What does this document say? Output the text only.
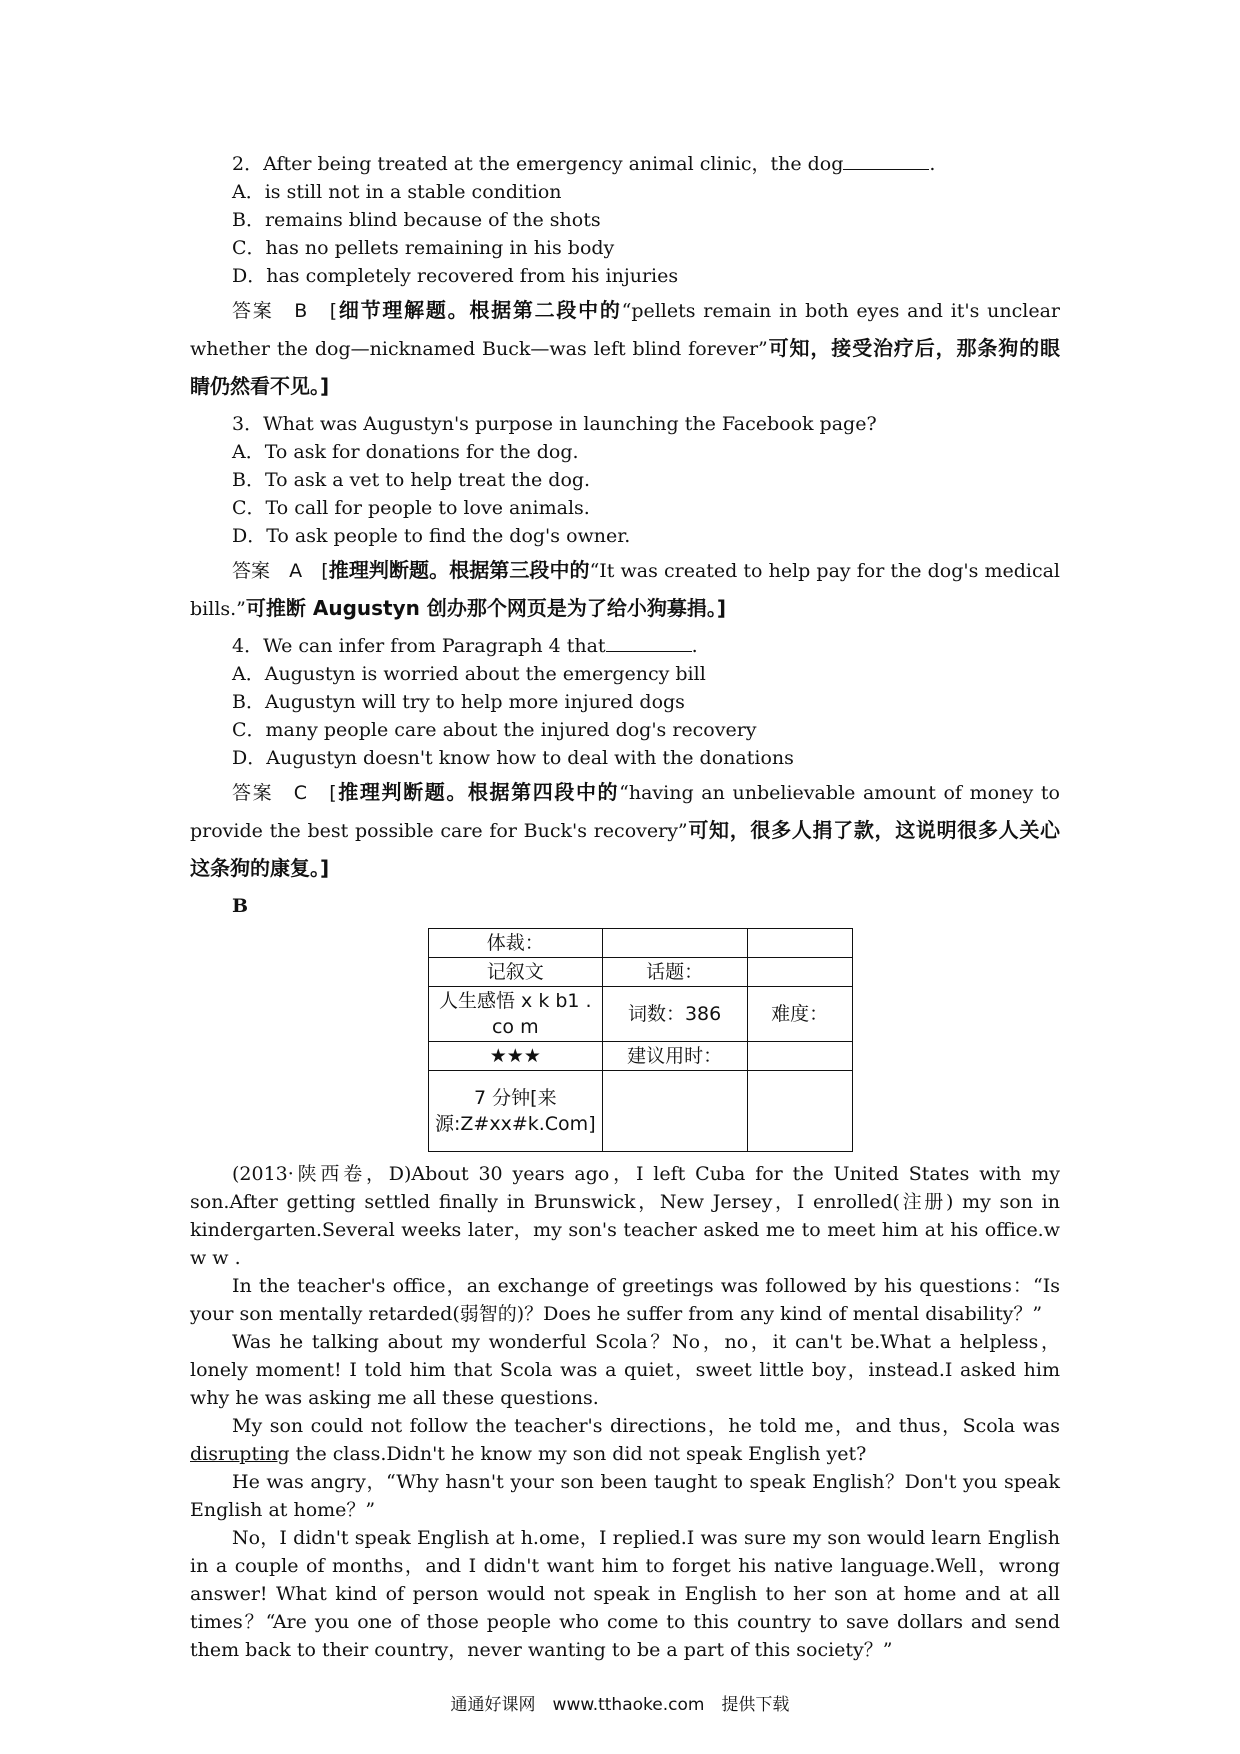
2．After being treated at the emergency animal clinic，the dog	.

A．is still not in a stable condition

B．remains blind because of the shots

C．has no pellets remaining in his body

D．has completely recovered from his injuries

答案　B　[细节理解题。根据第二段中的“pellets remain in both eyes and it's unclear whether the dog—nicknamed Buck—was left blind forever”可知，接受治疗后，那条狗的眼睛仍然看不见。]

3．What was Augustyn's purpose in launching the Facebook page?

A．To ask for donations for the dog.

B．To ask a vet to help treat the dog.

C．To call for people to love animals.

D．To ask people to find the dog's owner.

答案　A　[推理判断题。根据第三段中的“It was created to help pay for the dog's medical bills.”可推断 Augustyn 创办那个网页是为了给小狗募捐。]

4．We can infer from Paragraph 4 that	.

A．Augustyn is worried about the emergency bill

B．Augustyn will try to help more injured dogs

C．many people care about the injured dog's recovery

D．Augustyn doesn't know how to deal with the donations

答案　C　[推理判断题。根据第四段中的“having an unbelievable amount of money to provide the best possible care for Buck's recovery”可知，很多人捐了款，这说明很多人关心这条狗的康复。]

B

体裁：		
记叙文	话题：	
人生感悟 x k b1 . co m	词数：386	难度：
★★★	建议用时：	
7 分钟[来源:Z#xx#k.Com]		

(2013·陕西卷，D)About 30 years ago，I left Cuba for the United States with my son.After getting settled finally in Brunswick，New Jersey，I enrolled(注册) my son in kindergarten.Several weeks later，my son's teacher asked me to meet him at his office.w　 w w .

In the teacher's office，an exchange of greetings was followed by his questions：“Is your son mentally retarded(弱智的)？Does he suffer from any kind of mental disability？”

Was he talking about my wonderful Scola？No，no，it can't be.What a helpless，lonely moment! I told him that Scola was a quiet，sweet little boy，instead.I asked him why he was asking me all these questions.

My son could not follow the teacher's directions，he told me，and thus，Scola was disrupting the class.Didn't he know my son did not speak English yet?

He was angry，“Why hasn't your son been taught to speak English？Don't you speak English at home？”

No，I didn't speak English at h.ome，I replied.I was sure my son would learn English in a couple of months，and I didn't want him to forget his native language.Well，wrong answer! What kind of person would not speak in English to her son at home and at all times？“Are you one of those people who come to this country to save dollars and send them back to their country，never wanting to be a part of this society？”

通通好课网　www.tthaoke.com　提供下载
